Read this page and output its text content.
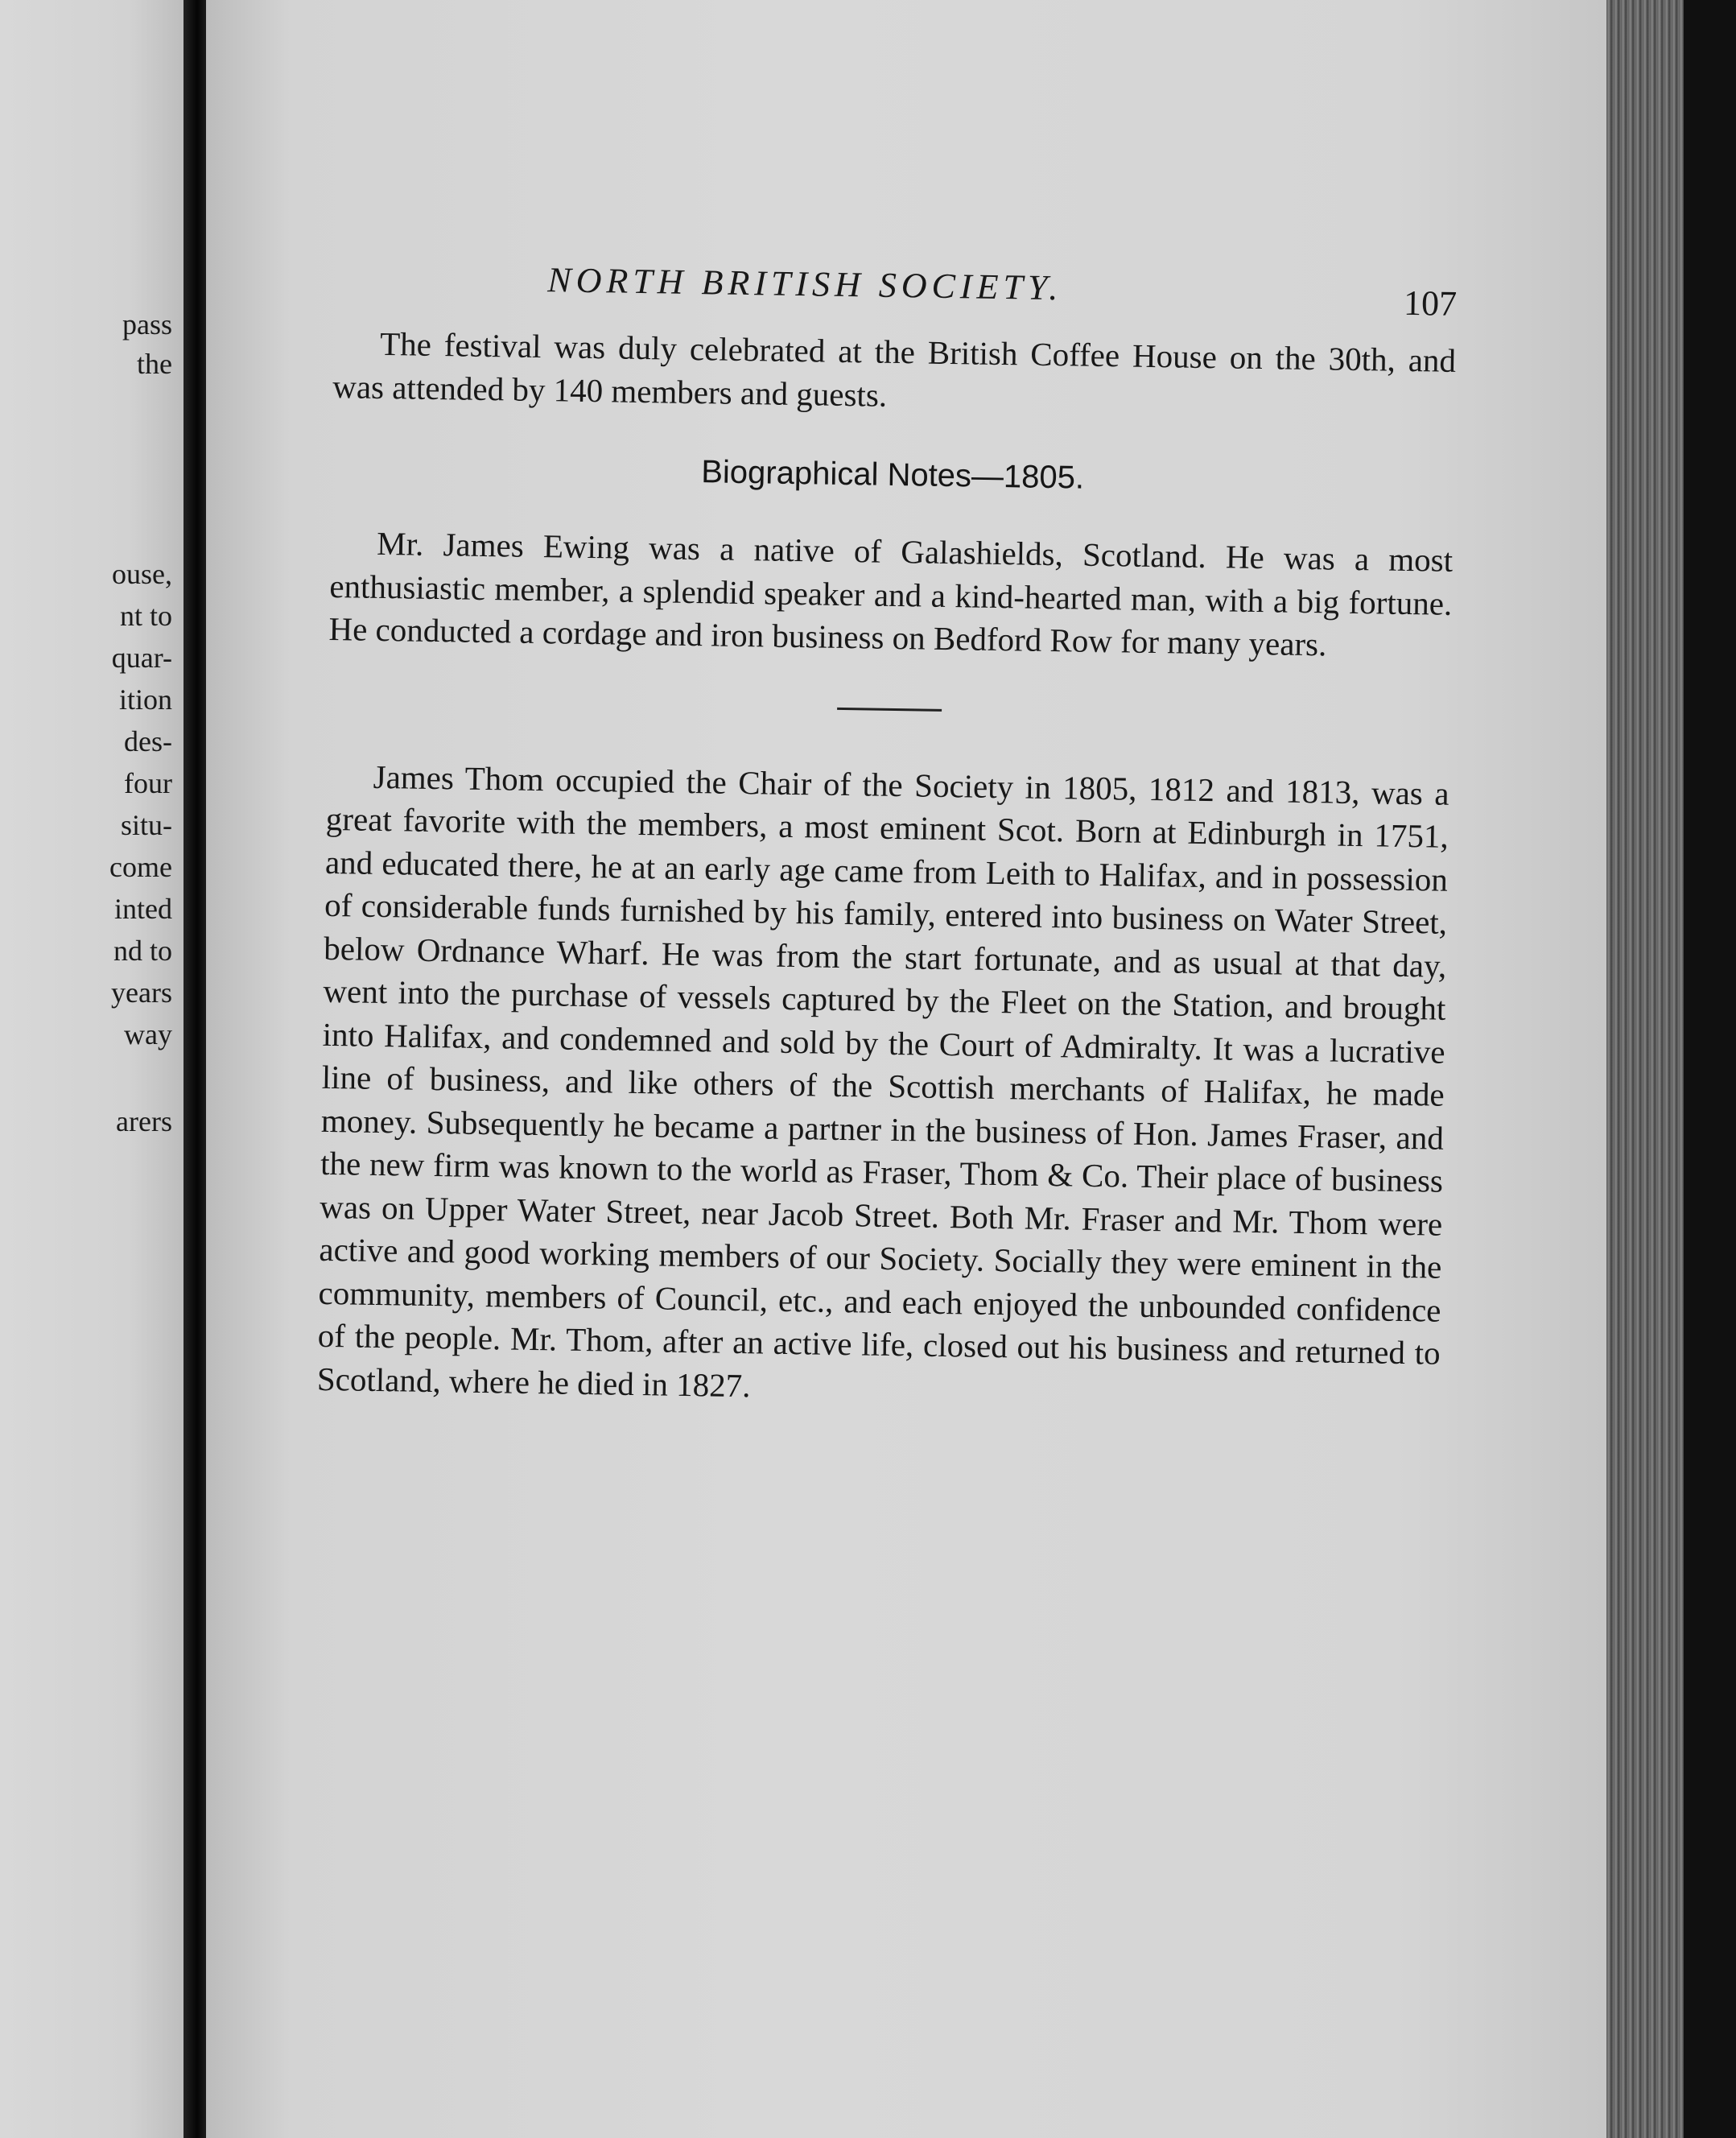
pass
the
ouse,
nt to
quar-
ition
des-
four
situ-
come
inted
nd to
years
way
arers
NORTH BRITISH SOCIETY.	107

The festival was duly celebrated at the British Coffee House on the 30th, and was attended by 140 members and guests.

Biographical Notes—1805.

Mr. James Ewing was a native of Galashields, Scotland. He was a most enthusiastic member, a splendid speaker and a kind-hearted man, with a big fortune. He conducted a cordage and iron business on Bedford Row for many years.

James Thom occupied the Chair of the Society in 1805, 1812 and 1813, was a great favorite with the members, a most eminent Scot. Born at Edinburgh in 1751, and educated there, he at an early age came from Leith to Halifax, and in possession of considerable funds furnished by his family, entered into business on Water Street, below Ordnance Wharf. He was from the start fortunate, and as usual at that day, went into the purchase of vessels captured by the Fleet on the Station, and brought into Halifax, and condemned and sold by the Court of Admiralty. It was a lucrative line of business, and like others of the Scottish merchants of Halifax, he made money. Subsequently he became a partner in the business of Hon. James Fraser, and the new firm was known to the world as Fraser, Thom & Co. Their place of business was on Upper Water Street, near Jacob Street. Both Mr. Fraser and Mr. Thom were active and good working members of our Society. Socially they were eminent in the community, members of Council, etc., and each enjoyed the unbounded confidence of the people. Mr. Thom, after an active life, closed out his business and returned to Scotland, where he died in 1827.
